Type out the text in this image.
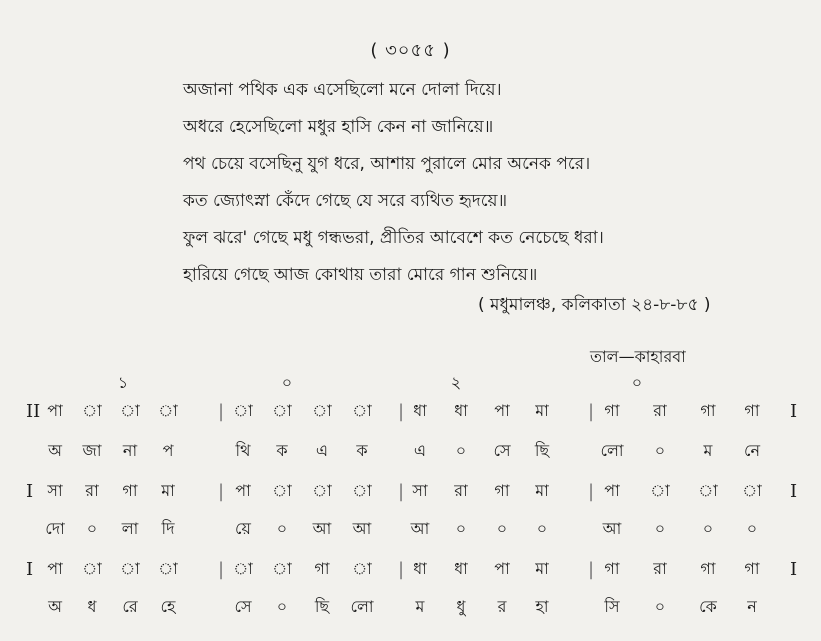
( ৩০৫৫ )
অজানা পথিক এক এসেছিলো মনে দোলা দিয়ে।
অধরে হেসেছিলো মধুর হাসি কেন না জানিয়ে॥
পথ চেয়ে বসেছিনু যুগ ধরে, আশায় পুরালে মোর অনেক পরে।
কত জ্যোৎস্না কেঁদে গেছে যে সরে ব্যথিত হৃদয়ে॥
ফুল ঝরে' গেছে মধু গন্ধভরা, প্রীতির আবেশে কত নেচেছে ধরা।
হারিয়ে গেছে আজ কোথায় তারা মোরে গান শুনিয়ে॥
( মধুমালঞ্চ, কলিকাতা ২৪-৮-৮৫ )
তাল—কাহারবা
১	০	২	০
II	|	|	|
পা	া	া	া	া	া	া	া	ধা	ধা	পা	মা	গা	রা	গা	গা	I
অ	জা	না	প	থি	ক	এ	ক	এ	০	সে	ছি	লো	০	ম	নে
I	|	|	|
সা	রা	গা	মা	পা	া	া	া	সা	রা	গা	মা	পা	া	া	া I
দো	০	লা	দি	য়ে	০	আ	আ	আ	০	০	০	আ	০	০	০
I	|	|	|
পা	া	া	া	া	া	গা	া	ধা	ধা	পা	মা	গা	রা	গা	গা	I
অ	ধ	রে	হে	সে	০	ছি	লো	ম	ধু	র	হা	সি	০	কে	ন
